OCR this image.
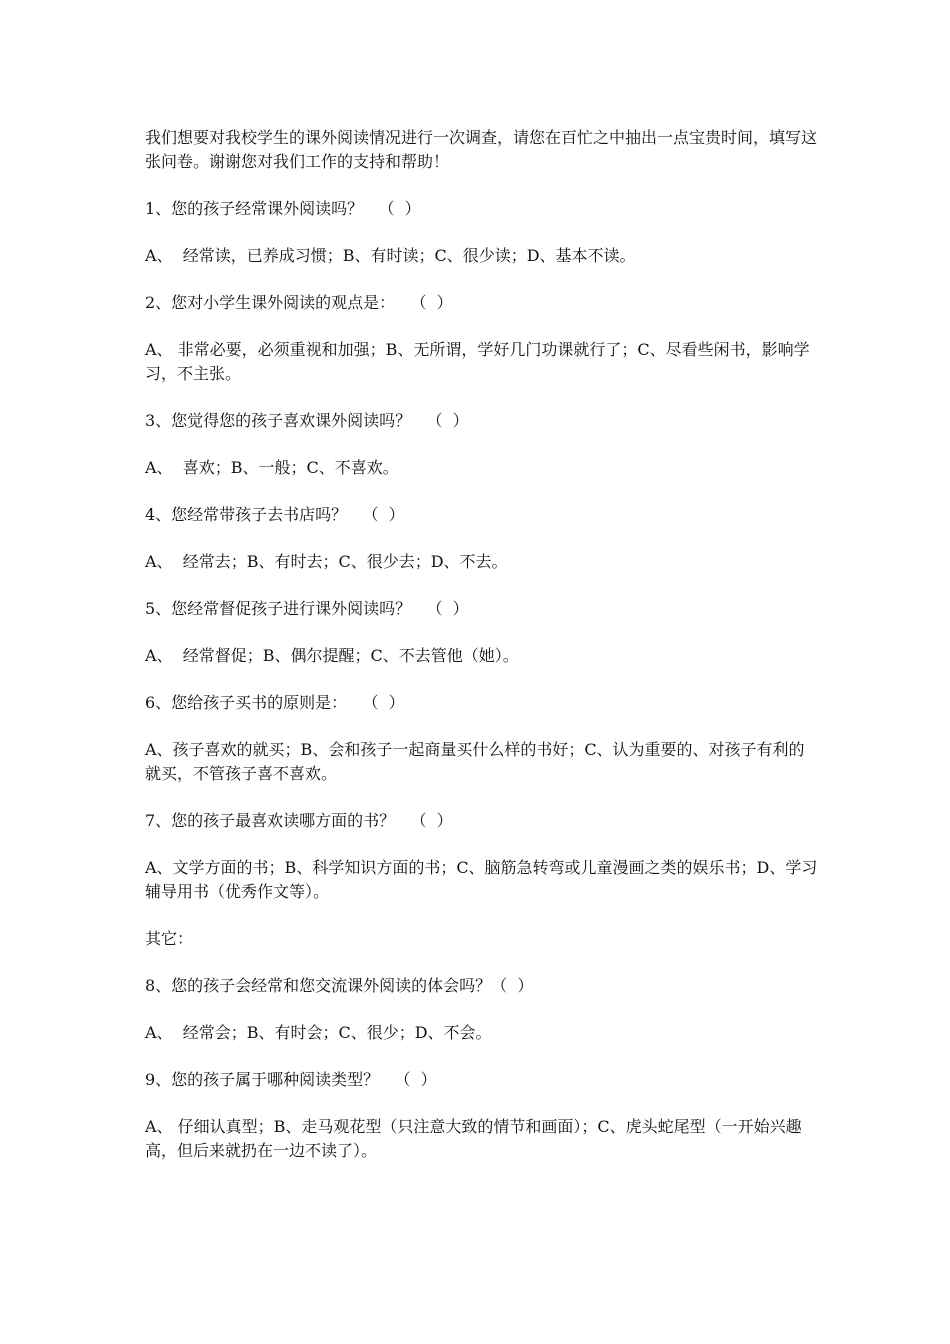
我们想要对我校学生的课外阅读情况进行一次调查，请您在百忙之中抽出一点宝贵时间，填写这张问卷。谢谢您对我们工作的支持和帮助！

1、您的孩子经常课外阅读吗？   （  ）

A、  经常读，已养成习惯；B、有时读；C、很少读；D、基本不读。

2、您对小学生课外阅读的观点是：   （  ）

A、 非常必要，必须重视和加强；B、无所谓，学好几门功课就行了；C、尽看些闲书，影响学习，不主张。

3、您觉得您的孩子喜欢课外阅读吗？   （  ）

A、  喜欢；B、一般；C、不喜欢。

4、您经常带孩子去书店吗？   （  ）

A、  经常去；B、有时去；C、很少去；D、不去。

5、您经常督促孩子进行课外阅读吗？   （  ）

A、  经常督促；B、偶尔提醒；C、不去管他（她）。

6、您给孩子买书的原则是：   （  ）

A、孩子喜欢的就买；B、会和孩子一起商量买什么样的书好；C、认为重要的、对孩子有利的就买，不管孩子喜不喜欢。

7、您的孩子最喜欢读哪方面的书？   （  ）

A、文学方面的书；B、科学知识方面的书；C、脑筋急转弯或儿童漫画之类的娱乐书；D、学习辅导用书（优秀作文等）。

其它：

8、您的孩子会经常和您交流课外阅读的体会吗？（  ）

A、  经常会；B、有时会；C、很少；D、不会。

9、您的孩子属于哪种阅读类型？   （  ）

A、 仔细认真型；B、走马观花型（只注意大致的情节和画面）；C、虎头蛇尾型（一开始兴趣高，但后来就扔在一边不读了）。
